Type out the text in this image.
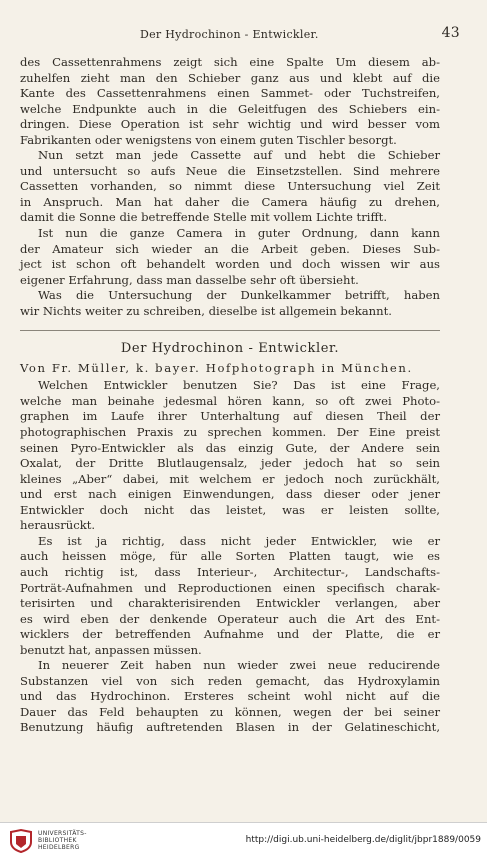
Der Hydrochinon - Entwickler.	43

des Cassettenrahmens zeigt sich eine Spalte Um diesem ab-
zuhelfen zieht man den Schieber ganz aus und klebt auf die
Kante des Cassettenrahmens einen Sammet- oder Tuchstreifen,
welche Endpunkte auch in die Geleitfugen des Schiebers ein-
dringen. Diese Operation ist sehr wichtig und wird besser vom
Fabrikanten oder wenigstens von einem guten Tischler besorgt.

Nun setzt man jede Cassette auf und hebt die Schieber
und untersucht so aufs Neue die Einsetzstellen. Sind mehrere
Cassetten vorhanden, so nimmt diese Untersuchung viel Zeit
in Anspruch. Man hat daher die Camera häufig zu drehen,
damit die Sonne die betreffende Stelle mit vollem Lichte trifft.

Ist nun die ganze Camera in guter Ordnung, dann kann
der Amateur sich wieder an die Arbeit geben. Dieses Sub-
ject ist schon oft behandelt worden und doch wissen wir aus
eigener Erfahrung, dass man dasselbe sehr oft übersieht.

Was die Untersuchung der Dunkelkammer betrifft, haben
wir Nichts weiter zu schreiben, dieselbe ist allgemein bekannt.

Der Hydrochinon - Entwickler.
Von Fr. Müller, k. bayer. Hofphotograph in München.

Welchen Entwickler benutzen Sie? Das ist eine Frage,
welche man beinahe jedesmal hören kann, so oft zwei Photo-
graphen im Laufe ihrer Unterhaltung auf diesen Theil der
photographischen Praxis zu sprechen kommen. Der Eine preist
seinen Pyro-Entwickler als das einzig Gute, der Andere sein
Oxalat, der Dritte Blutlaugensalz, jeder jedoch hat so sein
kleines „Aber“ dabei, mit welchem er jedoch noch zurückhält,
und erst nach einigen Einwendungen, dass dieser oder jener
Entwickler doch nicht das leistet, was er leisten sollte,
herausrückt.

Es ist ja richtig, dass nicht jeder Entwickler, wie er
auch heissen möge, für alle Sorten Platten taugt, wie es
auch richtig ist, dass Interieur-, Architectur-, Landschafts-
Porträt-Aufnahmen und Reproductionen einen specifisch charak-
terisirten und charakterisirenden Entwickler verlangen, aber
es wird eben der denkende Operateur auch die Art des Ent-
wicklers der betreffenden Aufnahme und der Platte, die er
benutzt hat, anpassen müssen.

In neuerer Zeit haben nun wieder zwei neue reducirende
Substanzen viel von sich reden gemacht, das Hydroxylamin
und das Hydrochinon. Ersteres scheint wohl nicht auf die
Dauer das Feld behaupten zu können, wegen der bei seiner
Benutzung häufig auftretenden Blasen in der Gelatineschicht,

UNIVERSITÄTS-
BIBLIOTHEK
HEIDELBERG
http://digi.ub.uni-heidelberg.de/diglit/jbpr1889/0059
